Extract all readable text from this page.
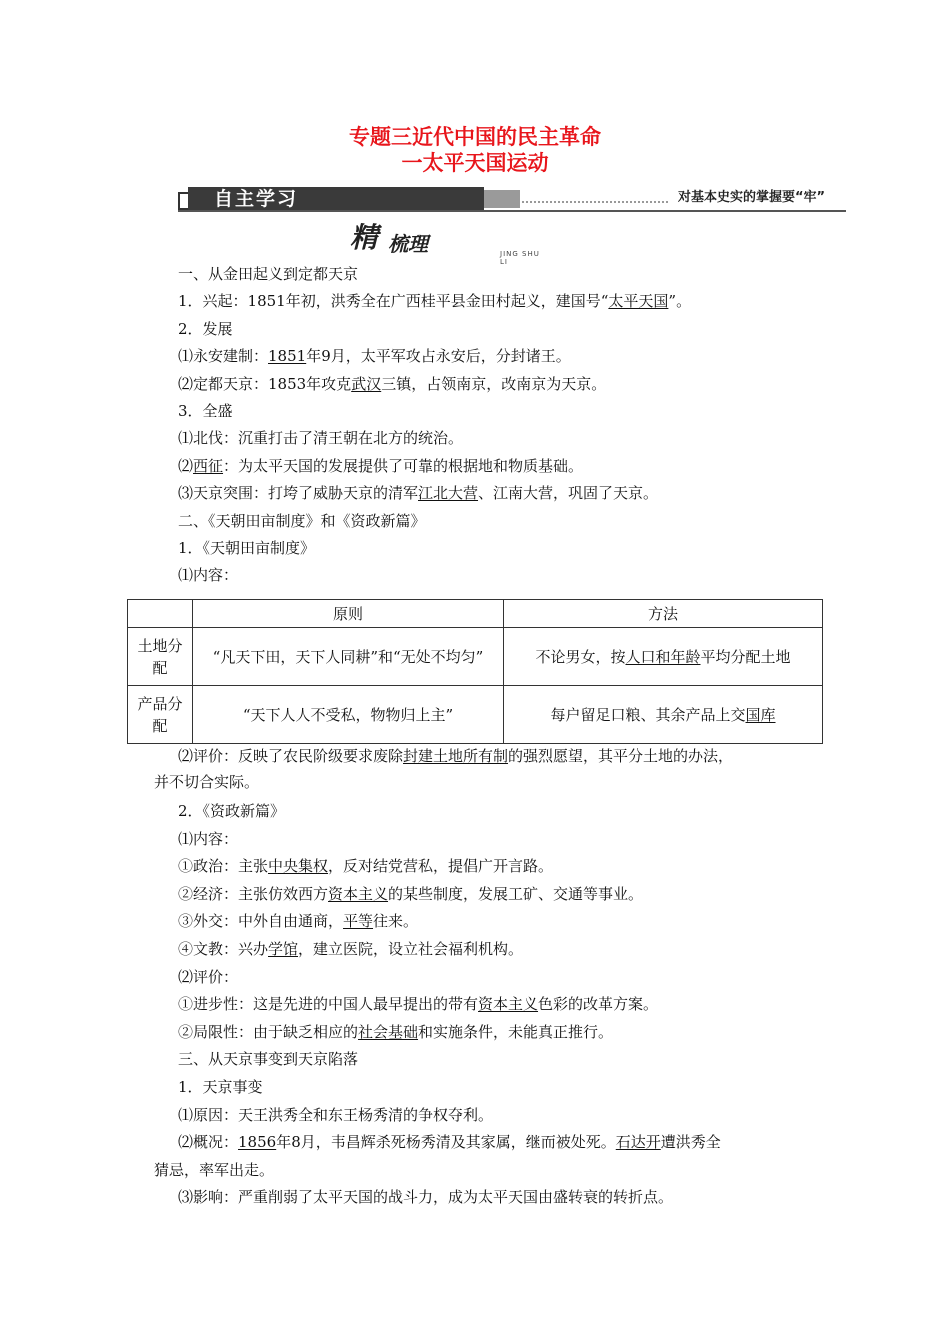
专题三近代中国的民主革命
一太平天国运动
自主学习	对基本史实的掌握要“牢”
精 梳理	JING SHU LI
一、从金田起义到定都天京
1．兴起：1851年初，洪秀全在广西桂平县金田村起义，建国号“太平天国”。
2．发展
⑴永安建制：1851年9月，太平军攻占永安后，分封诸王。
⑵定都天京：1853年攻克武汉三镇，占领南京，改南京为天京。
3．全盛
⑴北伐：沉重打击了清王朝在北方的统治。
⑵西征：为太平天国的发展提供了可靠的根据地和物质基础。
⑶天京突围：打垮了威胁天京的清军江北大营、江南大营，巩固了天京。
二、《天朝田亩制度》和《资政新篇》
1．《天朝田亩制度》
⑴内容：
	原则	方法
土地分配	“凡天下田，天下人同耕”和“无处不均匀”	不论男女，按人口和年龄平均分配土地
产品分配	“天下人人不受私，物物归上主”	每户留足口粮、其余产品上交国库
⑵评价：反映了农民阶级要求废除封建土地所有制的强烈愿望，其平分土地的办法，
并不切合实际。
2．《资政新篇》
⑴内容：
①政治：主张中央集权，反对结党营私，提倡广开言路。
②经济：主张仿效西方资本主义的某些制度，发展工矿、交通等事业。
③外交：中外自由通商，平等往来。
④文教：兴办学馆，建立医院，设立社会福利机构。
⑵评价：
①进步性：这是先进的中国人最早提出的带有资本主义色彩的改革方案。
②局限性：由于缺乏相应的社会基础和实施条件，未能真正推行。
三、从天京事变到天京陷落
1．天京事变
⑴原因：天王洪秀全和东王杨秀清的争权夺利。
⑵概况：1856年8月，韦昌辉杀死杨秀清及其家属，继而被处死。石达开遭洪秀全
猜忌，率军出走。
⑶影响：严重削弱了太平天国的战斗力，成为太平天国由盛转衰的转折点。
